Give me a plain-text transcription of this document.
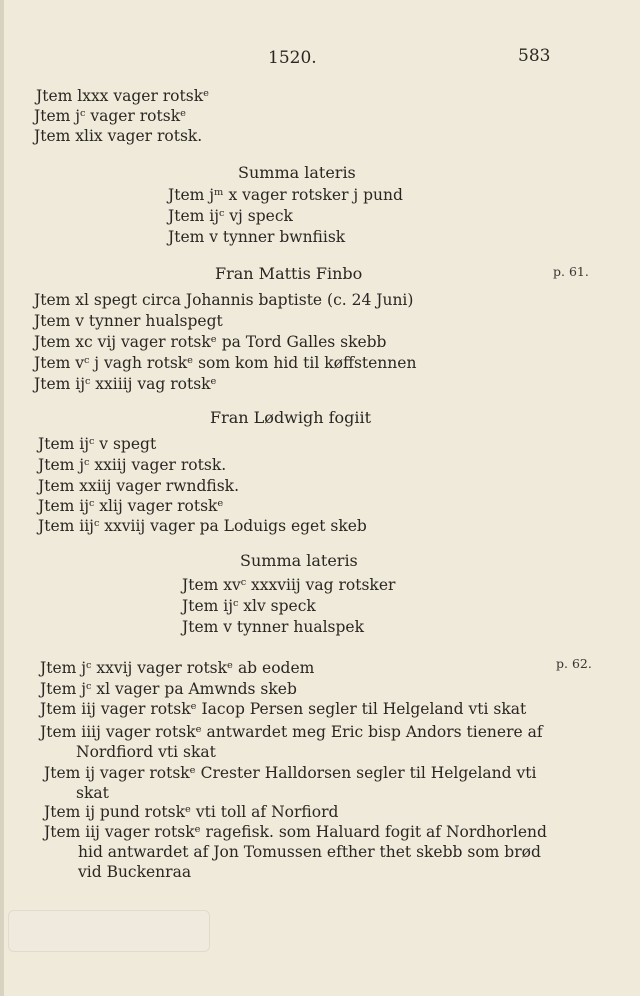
1520.	583
Jtem lxxx vager rotskᵉ
Jtem jᶜ vager rotskᵉ
Jtem xlix vager rotsk.
Summa lateris
Jtem jᵐ x vager rotsker j pund
Jtem ijᶜ vj speck
Jtem v tynner bwnfiisk
Fran Mattis Finbo	p. 61.
Jtem xl spegt circa Johannis baptiste (c. 24 Juni)
Jtem v tynner hualspegt
Jtem xc vij vager rotskᵉ pa Tord Galles skebb
Jtem vᶜ j vagh rotskᵉ som kom hid til køffstennen
Jtem ijᶜ xxiiij vag rotskᵉ
Fran Lødwigh fogiit
Jtem ijᶜ v spegt
Jtem jᶜ xxiij vager rotsk.
Jtem xxiij vager rwndfisk.
Jtem ijᶜ xlij vager rotskᵉ
Jtem iijᶜ xxviij vager pa Loduigs eget skeb
Summa lateris
Jtem xvᶜ xxxviij vag rotsker
Jtem ijᶜ xlv speck
Jtem v tynner hualspek
p. 62.
Jtem jᶜ xxvij vager rotskᵉ ab eodem
Jtem jᶜ xl vager pa Amwnds skeb
Jtem iij vager rotskᵉ Iacop Persen segler til Helgeland vti skat
Jtem iiij vager rotskᵉ antwardet meg Eric bisp Andors tienere af
Nordfiord vti skat
Jtem ij vager rotskᵉ Crester Halldorsen segler til Helgeland vti
skat
Jtem ij pund rotskᵉ vti toll af Norfiord
Jtem iij vager rotskᵉ ragefisk. som Haluard fogit af Nordhorlend
hid antwardet af Jon Tomussen efther thet skebb som brød
vid Buckenraa
